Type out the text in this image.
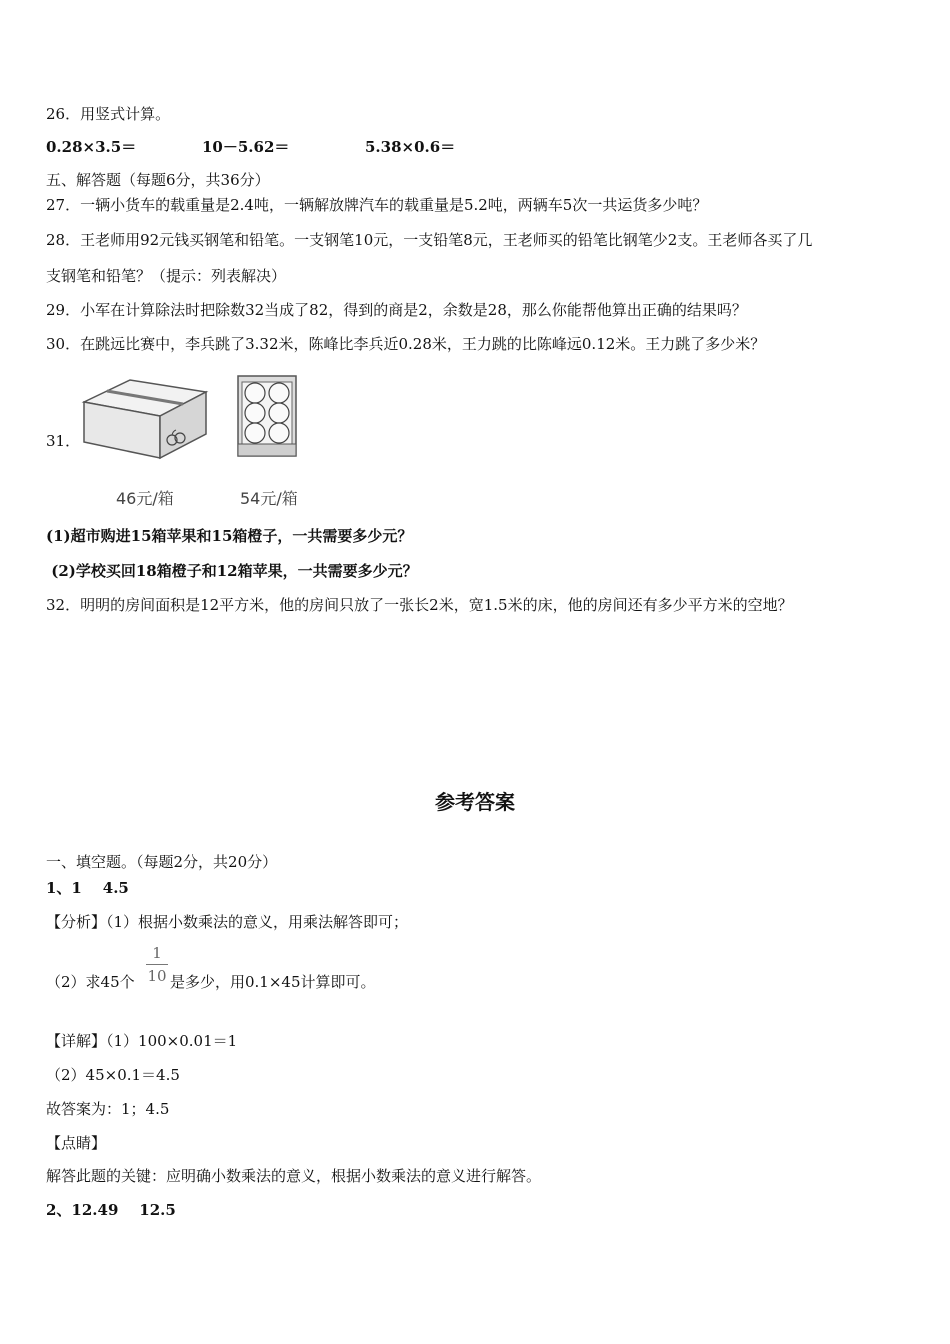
26．用竖式计算。
0.28×3.5＝	10－5.62＝	5.38×0.6＝
五、解答题（每题6分，共36分）
27．一辆小货车的载重量是2.4吨，一辆解放牌汽车的载重量是5.2吨，两辆车5次一共运货多少吨？
28．王老师用92元钱买钢笔和铅笔。一支钢笔10元，一支铅笔8元，王老师买的铅笔比钢笔少2支。王老师各买了几
支钢笔和铅笔？（提示：列表解决）
29．小军在计算除法时把除数32当成了82，得到的商是2，余数是28，那么你能帮他算出正确的结果吗？
30．在跳远比赛中，李兵跳了3.32米，陈峰比李兵近0.28米，王力跳的比陈峰远0.12米。王力跳了多少米？
31．
46元/箱	54元/箱
(1)超市购进15箱苹果和15箱橙子，一共需要多少元？
(2)学校买回18箱橙子和12箱苹果，一共需要多少元？
32．明明的房间面积是12平方米，他的房间只放了一张长2米，宽1.5米的床，他的房间还有多少平方米的空地？
参考答案
一、填空题。（每题2分，共20分）
1、1    4.5
【分析】（1）根据小数乘法的意义，用乘法解答即可；
（2）求45个
1
10 是多少，用0.1×45计算即可。
【详解】（1）100×0.01＝1
（2）45×0.1＝4.5
故答案为：1；4.5
【点睛】
解答此题的关键：应明确小数乘法的意义，根据小数乘法的意义进行解答。
2、12.49    12.5
